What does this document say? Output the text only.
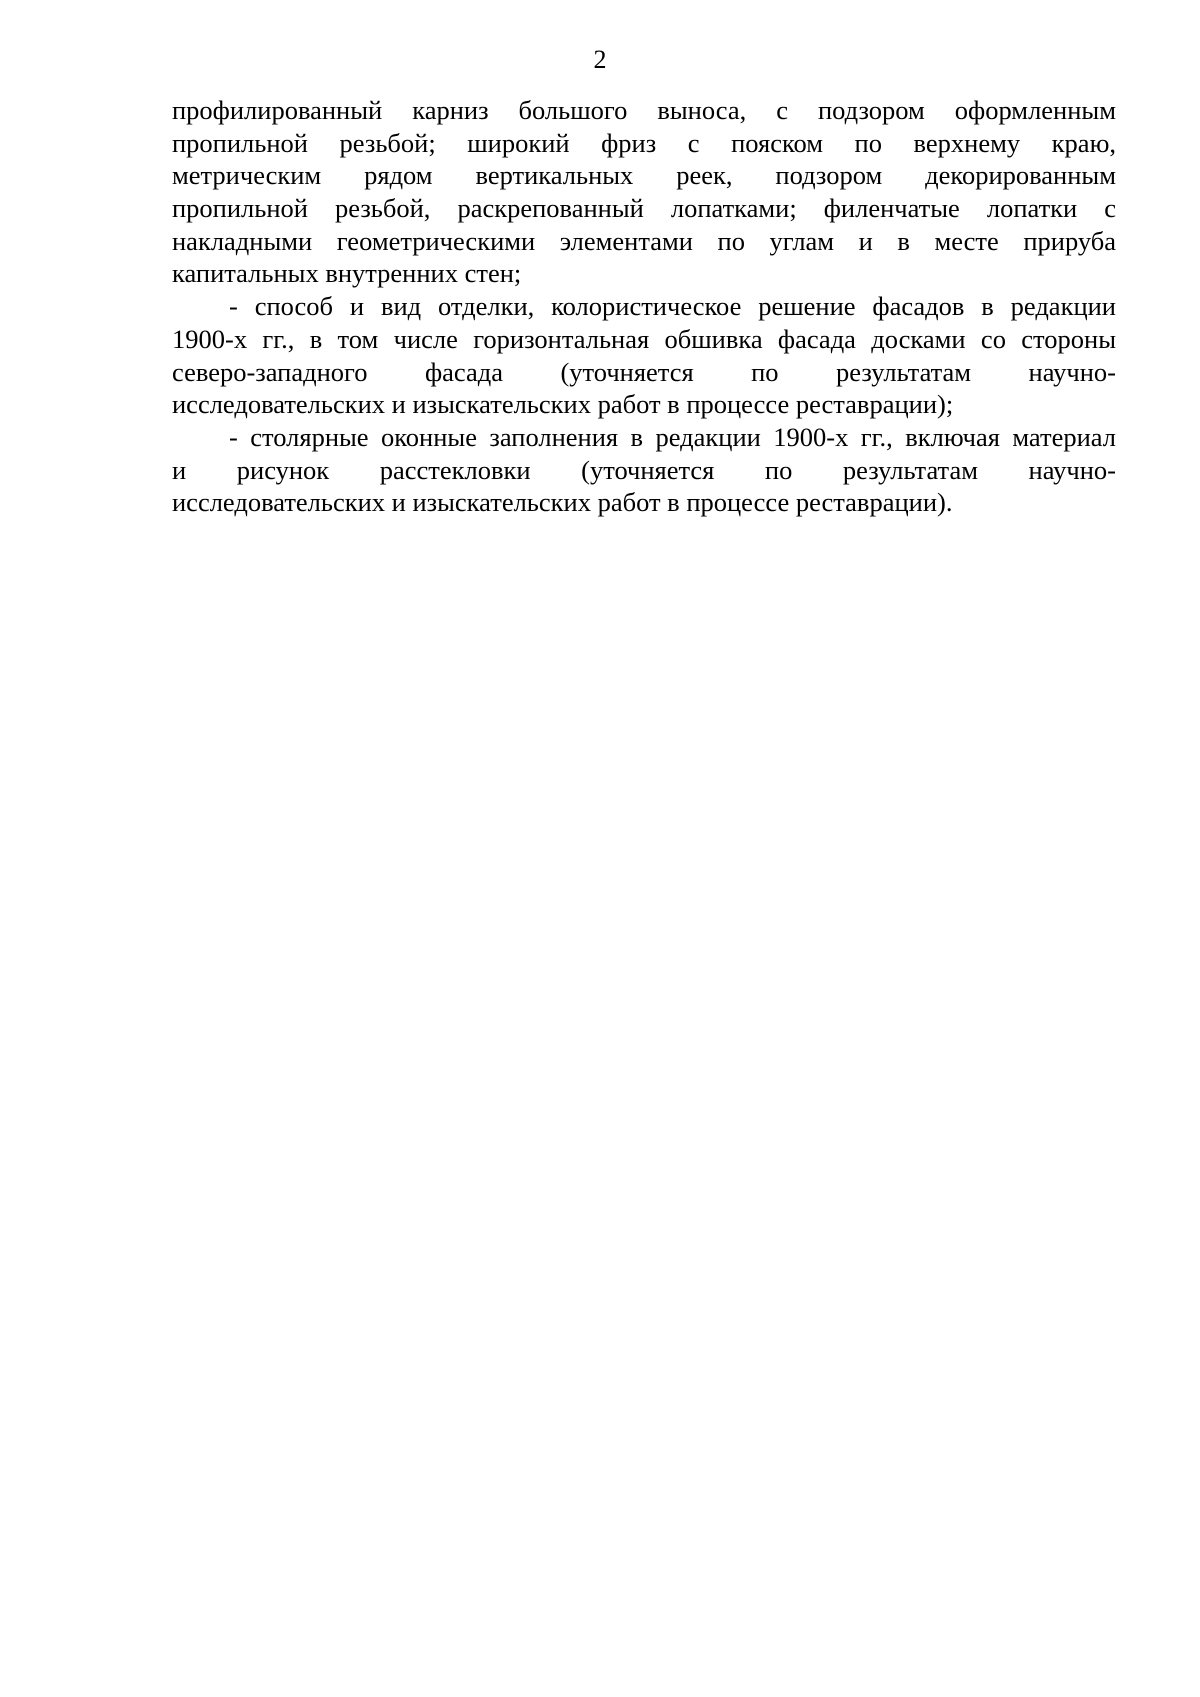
2
профилированный карниз большого выноса, с подзором оформленным
пропильной резьбой; широкий фриз с пояском по верхнему краю,
метрическим рядом вертикальных реек, подзором декорированным
пропильной резьбой, раскрепованный лопатками; филенчатые лопатки с
накладными геометрическими элементами по углам и в месте прируба
капитальных внутренних стен;
- способ и вид отделки, колористическое решение фасадов в редакции
1900-х гг., в том числе горизонтальная обшивка фасада досками со стороны
северо-западного фасада (уточняется по результатам научно-
исследовательских и изыскательских работ в процессе реставрации);
- столярные оконные заполнения в редакции 1900-х гг., включая материал
и рисунок расстекловки (уточняется по результатам научно-
исследовательских и изыскательских работ в процессе реставрации).
